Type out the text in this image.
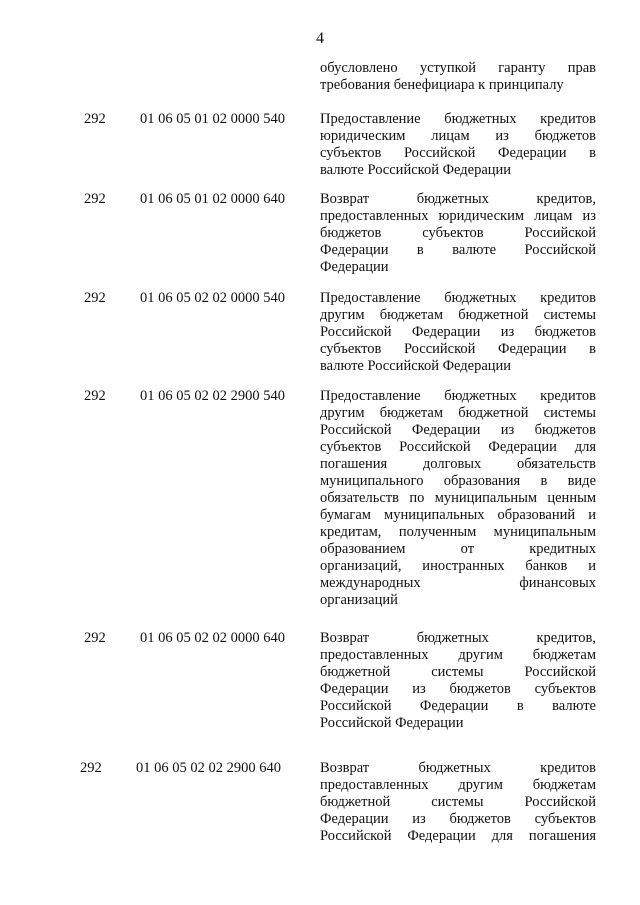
4
обусловлено уступкой гаранту прав
требования бенефициара к принципалу
292	01 06 05 01 02 0000 540	Предоставление бюджетных кредитов
юридическим лицам из бюджетов
субъектов Российской Федерации в
валюте Российской Федерации
292	01 06 05 01 02 0000 640	Возврат бюджетных кредитов,
предоставленных юридическим лицам из
бюджетов субъектов Российской
Федерации в валюте Российской
Федерации
292	01 06 05 02 02 0000 540	Предоставление бюджетных кредитов
другим бюджетам бюджетной системы
Российской Федерации из бюджетов
субъектов Российской Федерации в
валюте Российской Федерации
292	01 06 05 02 02 2900 540	Предоставление бюджетных кредитов
другим бюджетам бюджетной системы
Российской Федерации из бюджетов
субъектов Российской Федерации для
погашения долговых обязательств
муниципального образования в виде
обязательств по муниципальным ценным
бумагам муниципальных образований и
кредитам, полученным муниципальным
образованием от кредитных
организаций, иностранных банков и
международных финансовых
организаций
292	01 06 05 02 02 0000 640	Возврат бюджетных кредитов,
предоставленных другим бюджетам
бюджетной системы Российской
Федерации из бюджетов субъектов
Российской Федерации в валюте
Российской Федерации
292	01 06 05 02 02 2900 640	Возврат бюджетных кредитов
предоставленных другим бюджетам
бюджетной системы Российской
Федерации из бюджетов субъектов
Российской Федерации для погашения
